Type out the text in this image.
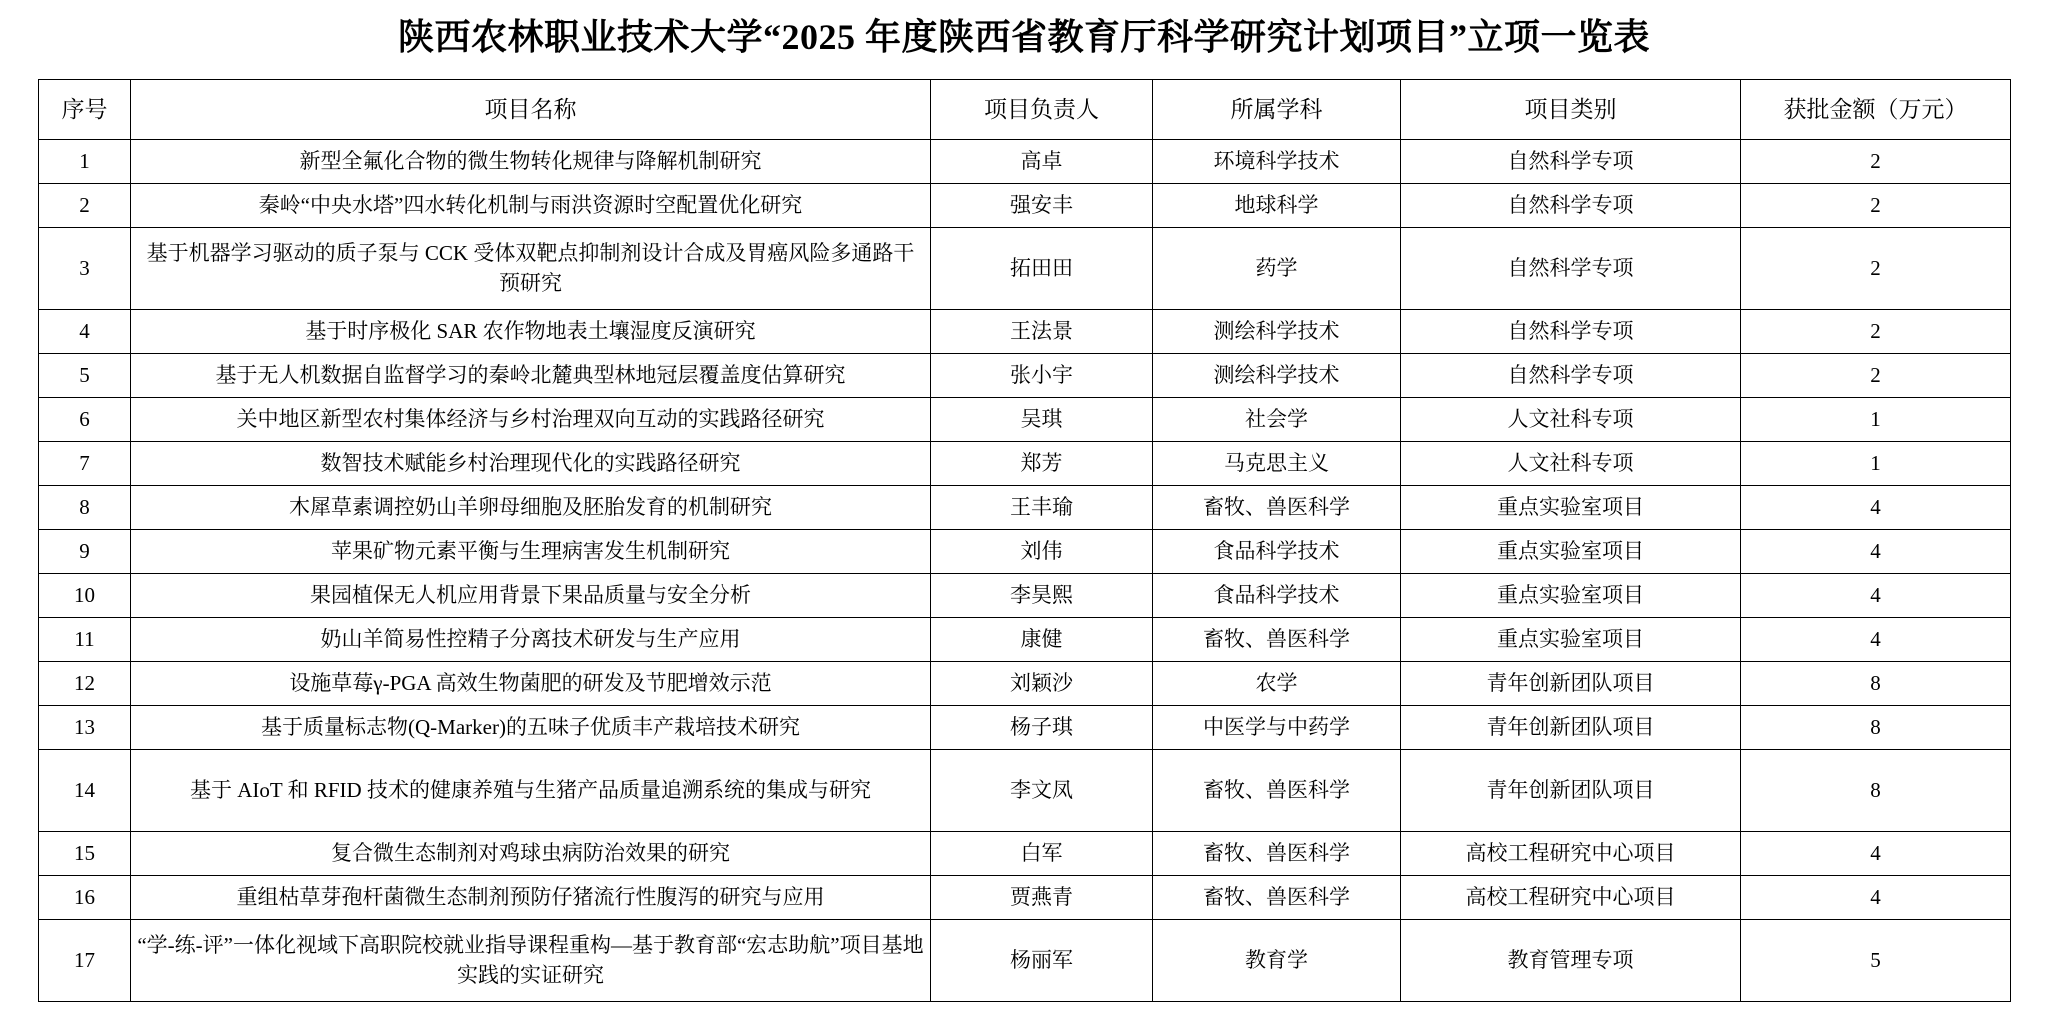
陕西农林职业技术大学“2025 年度陕西省教育厅科学研究计划项目”立项一览表
序号	项目名称	项目负责人	所属学科	项目类别	获批金额（万元）
1	新型全氟化合物的微生物转化规律与降解机制研究	高卓	环境科学技术	自然科学专项	2
2	秦岭“中央水塔”四水转化机制与雨洪资源时空配置优化研究	强安丰	地球科学	自然科学专项	2
3	基于机器学习驱动的质子泵与 CCK 受体双靶点抑制剂设计合成及胃癌风险多通路干预研究	拓田田	药学	自然科学专项	2
4	基于时序极化 SAR 农作物地表土壤湿度反演研究	王法景	测绘科学技术	自然科学专项	2
5	基于无人机数据自监督学习的秦岭北麓典型林地冠层覆盖度估算研究	张小宇	测绘科学技术	自然科学专项	2
6	关中地区新型农村集体经济与乡村治理双向互动的实践路径研究	吴琪	社会学	人文社科专项	1
7	数智技术赋能乡村治理现代化的实践路径研究	郑芳	马克思主义	人文社科专项	1
8	木犀草素调控奶山羊卵母细胞及胚胎发育的机制研究	王丰瑜	畜牧、兽医科学	重点实验室项目	4
9	苹果矿物元素平衡与生理病害发生机制研究	刘伟	食品科学技术	重点实验室项目	4
10	果园植保无人机应用背景下果品质量与安全分析	李昊熙	食品科学技术	重点实验室项目	4
11	奶山羊简易性控精子分离技术研发与生产应用	康健	畜牧、兽医科学	重点实验室项目	4
12	设施草莓γ-PGA 高效生物菌肥的研发及节肥增效示范	刘颖沙	农学	青年创新团队项目	8
13	基于质量标志物(Q-Marker)的五味子优质丰产栽培技术研究	杨子琪	中医学与中药学	青年创新团队项目	8
14	基于 AIoT 和 RFID 技术的健康养殖与生猪产品质量追溯系统的集成与研究	李文凤	畜牧、兽医科学	青年创新团队项目	8
15	复合微生态制剂对鸡球虫病防治效果的研究	白军	畜牧、兽医科学	高校工程研究中心项目	4
16	重组枯草芽孢杆菌微生态制剂预防仔猪流行性腹泻的研究与应用	贾燕青	畜牧、兽医科学	高校工程研究中心项目	4
17	“学-练-评”一体化视域下高职院校就业指导课程重构—基于教育部“宏志助航”项目基地实践的实证研究	杨丽军	教育学	教育管理专项	5
